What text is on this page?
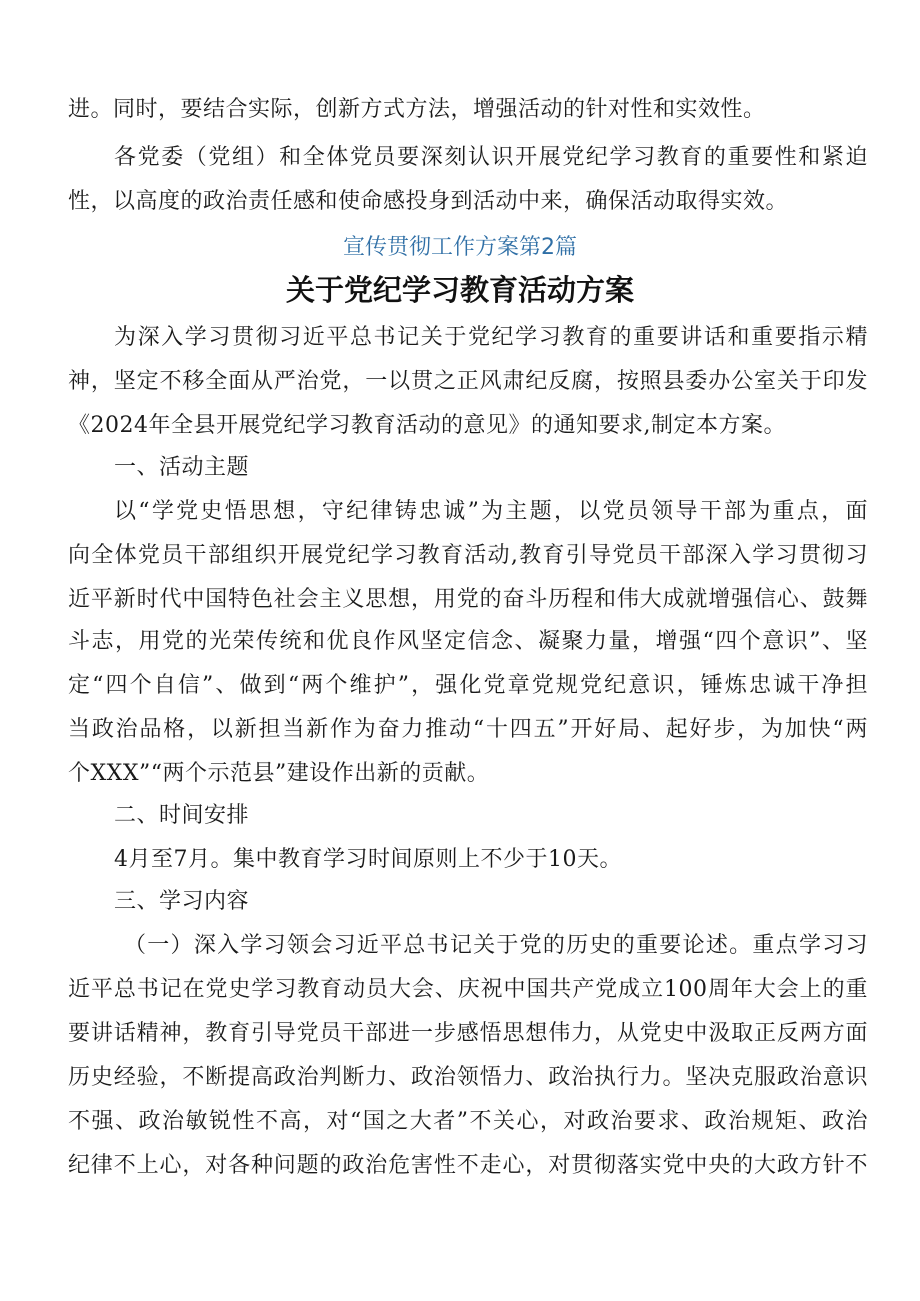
进。同时，要结合实际，创新方式方法，增强活动的针对性和实效性。
各党委（党组）和全体党员要深刻认识开展党纪学习教育的重要性和紧迫
性，以高度的政治责任感和使命感投身到活动中来，确保活动取得实效。
宣传贯彻工作方案第2篇
关于党纪学习教育活动方案
为深入学习贯彻习近平总书记关于党纪学习教育的重要讲话和重要指示精
神，坚定不移全面从严治党，一以贯之正风肃纪反腐，按照县委办公室关于印发
《2024年全县开展党纪学习教育活动的意见》的通知要求,制定本方案。
一、活动主题
以“学党史悟思想，守纪律铸忠诚”为主题，以党员领导干部为重点，面
向全体党员干部组织开展党纪学习教育活动,教育引导党员干部深入学习贯彻习
近平新时代中国特色社会主义思想，用党的奋斗历程和伟大成就增强信心、鼓舞
斗志，用党的光荣传统和优良作风坚定信念、凝聚力量，增强“四个意识”、坚
定“四个自信”、做到“两个维护”，强化党章党规党纪意识，锤炼忠诚干净担
当政治品格，以新担当新作为奋力推动“十四五”开好局、起好步，为加快“两
个XXX”“两个示范县”建设作出新的贡献。
二、时间安排
4月至7月。集中教育学习时间原则上不少于10天。
三、学习内容
（一）深入学习领会习近平总书记关于党的历史的重要论述。重点学习习
近平总书记在党史学习教育动员大会、庆祝中国共产党成立100周年大会上的重
要讲话精神，教育引导党员干部进一步感悟思想伟力，从党史中汲取正反两方面
历史经验，不断提高政治判断力、政治领悟力、政治执行力。坚决克服政治意识
不强、政治敏锐性不高，对“国之大者”不关心，对政治要求、政治规矩、政治
纪律不上心，对各种问题的政治危害性不走心，对贯彻落实党中央的大政方针不
